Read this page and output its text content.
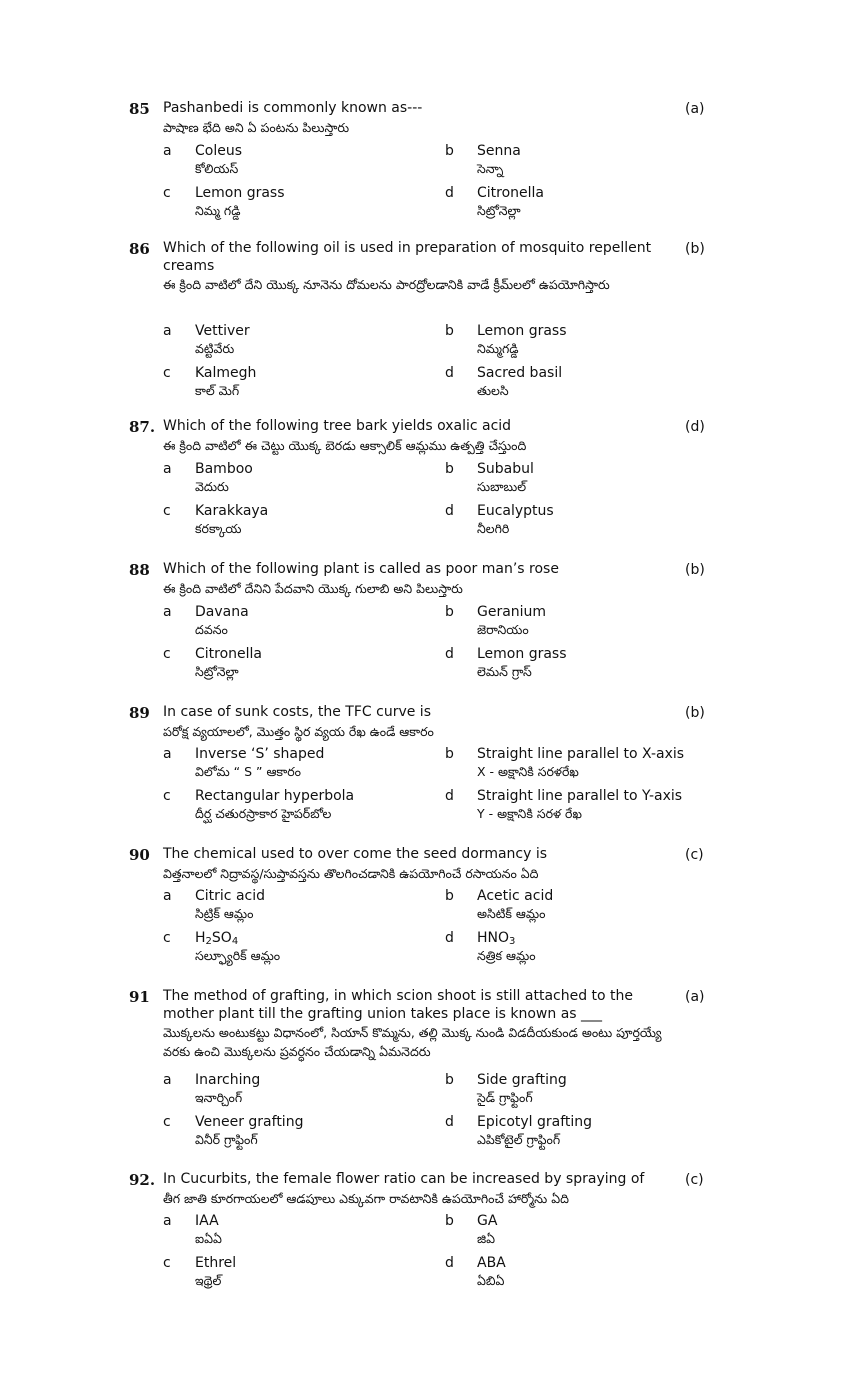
85 Pashanbedi is commonly known as---
పాషాణ భేది అని ఏ పంటను పిలుస్తారు
(a)
a Coleus
కోలియస్
b Senna
సెన్నా
c Lemon grass
నిమ్మ గడ్డి
d Citronella
సిట్రోనెల్లా
86 Which of the following oil is used in preparation of mosquito repellent creams
ఈ క్రింది వాటిలో దేని యొక్క నూనెను దోమలను పారద్రోలడానికి వాడే క్రీమ్‌లలో ఉపయోగిస్తారు
(b)
a Vettiver
వట్టివేరు
b Lemon grass
నిమ్మగడ్డి
c Kalmegh
కాల్ మెగ్
d Sacred basil
తులసి
87. Which of the following tree bark yields oxalic acid
ఈ క్రింది వాటిలో ఈ చెట్టు యొక్క బెరడు ఆక్సాలిక్ ఆమ్లము ఉత్పత్తి చేస్తుంది
(d)
a Bamboo
వెదురు
b Subabul
సుబాబుల్
c Karakkaya
కరక్కాయ
d Eucalyptus
నీలగిరి
88 Which of the following plant is called as poor man’s rose
ఈ క్రింది వాటిలో దేనిని పేదవాని యొక్క గులాబి అని పిలుస్తారు
(b)
a Davana
దవనం
b Geranium
జెరానియం
c Citronella
సిట్రోనెల్లా
d Lemon grass
లెమన్ గ్రాస్
89 In case of sunk costs, the TFC curve is
పరోక్ష వ్యయాలలో, మొత్తం స్థిర వ్యయ రేఖ ఉండే ఆకారం
(b)
a Inverse ‘S’ shaped
విలోమ “ S ” ఆకారం
b Straight line parallel to X-axis
X - అక్షానికి సరళరేఖ
c Rectangular hyperbola
దీర్ఘ చతురస్రాకార హైపర్‌బోల
d Straight line parallel to Y-axis
Y - అక్షానికి సరళ రేఖ
90 The chemical used to over come the seed dormancy is
విత్తనాలలో నిద్రావస్థ/సుప్తావస్తను తొలగించడానికి ఉపయోగించే రసాయనం ఏది
(c)
a Citric acid
సిట్రిక్ ఆమ్లం
b Acetic acid
అసిటిక్ ఆమ్లం
c $H_2SO_4$
సల్ఫ్యూరిక్ ఆమ్లం
d $HNO_3$
నత్రిక ఆమ్లం
91 The method of grafting, in which scion shoot is still attached to the mother plant till the grafting union takes place is known as ___
మొక్కలను అంటుకట్టు విధానంలో, సియాన్ కొమ్మను, తల్లి మొక్క నుండి విడదీయకుండ అంటు పూర్తయ్యే వరకు ఉంచి మొక్కలను ప్రవర్ధనం చేయడాన్ని ఏమనెదరు
(a)
a Inarching
ఇనార్చింగ్
b Side grafting
సైడ్ గ్రాఫ్టింగ్
c Veneer grafting
వినీర్ గ్రాఫ్టింగ్
d Epicotyl grafting
ఎపికోటైల్ గ్రాఫ్టింగ్
92. In Cucurbits, the female flower ratio can be increased by spraying of
తీగ జాతి కూరగాయలలో ఆడపూలు ఎక్కువగా రావటానికి ఉపయోగించే హార్మోను ఏది
(c)
a IAA
ఐఏఏ
b GA
జిఏ
c Ethrel
ఇథ్రెల్
d ABA
ఏబిఏ
